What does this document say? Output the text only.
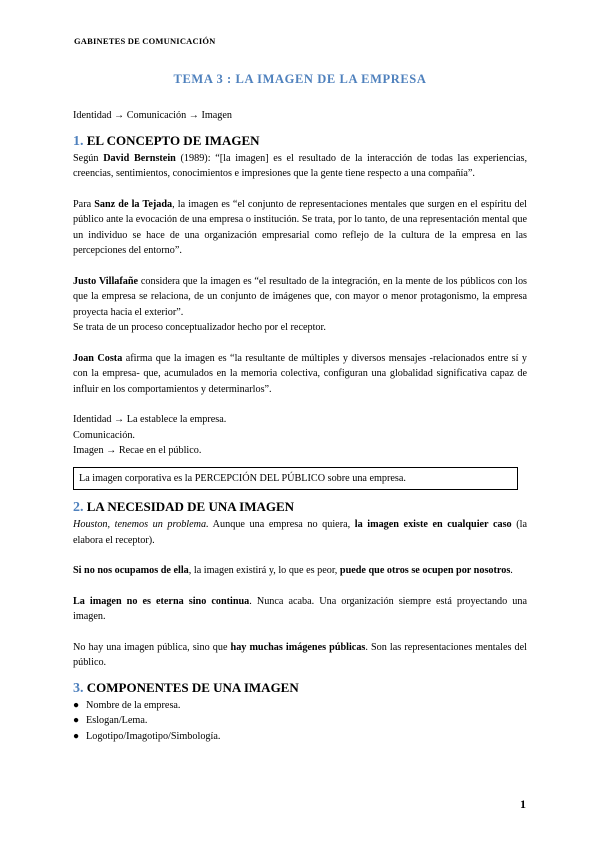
GABINETES DE COMUNICACIÓN
TEMA 3 : LA IMAGEN DE LA EMPRESA

Identidad → Comunicación → Imagen

1. EL CONCEPTO DE IMAGEN

Según David Bernstein (1989): “[la imagen] es el resultado de la interacción de todas las experiencias, creencias, sentimientos, conocimientos e impresiones que la gente tiene respecto a una compañía”.

Para Sanz de la Tejada, la imagen es “el conjunto de representaciones mentales que surgen en el espíritu del público ante la evocación de una empresa o institución. Se trata, por lo tanto, de una representación mental que un individuo se hace de una organización empresarial como reflejo de la cultura de la empresa en las percepciones del entorno”.

Justo Villafañe considera que la imagen es “el resultado de la integración, en la mente de los públicos con los que la empresa se relaciona, de un conjunto de imágenes que, con mayor o menor protagonismo, la empresa proyecta hacia el exterior”.

Se trata de un proceso conceptualizador hecho por el receptor.

Joan Costa afirma que la imagen es “la resultante de múltiples y diversos mensajes -relacionados entre sí y con la empresa- que, acumulados en la memoria colectiva, configuran una globalidad significativa capaz de influir en los comportamientos y determinarlos”.

Identidad → La establece la empresa.

Comunicación.

Imagen → Recae en el público.

La imagen corporativa es la PERCEPCIÓN DEL PÚBLICO sobre una empresa.
2. LA NECESIDAD DE UNA IMAGEN

Houston, tenemos un problema. Aunque una empresa no quiera, la imagen existe en cualquier caso (la elabora el receptor).

Si no nos ocupamos de ella, la imagen existirá y, lo que es peor, puede que otros se ocupen por nosotros.

La imagen no es eterna sino continua. Nunca acaba. Una organización siempre está proyectando una imagen.

No hay una imagen pública, sino que hay muchas imágenes públicas. Son las representaciones mentales del público.

3. COMPONENTES DE UNA IMAGEN
● Nombre de la empresa.
● Eslogan/Lema.
● Logotipo/Imagotipo/Simbología.
1
